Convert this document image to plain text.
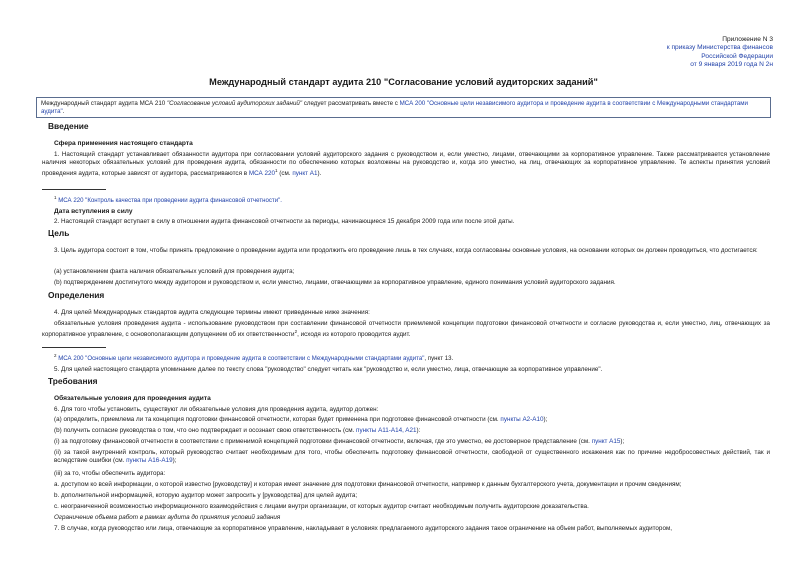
Приложение N 3
к приказу Министерства финансов
Российской Федерации
от 9 января 2019 года N 2н
Международный стандарт аудита 210 "Согласование условий аудиторских заданий"
Международный стандарт аудита МСА 210 "Согласование условий аудиторских заданий" следует рассматривать вместе с МСА 200 "Основные цели независимого аудитора и проведение аудита в соответствии с Международными стандартами аудита".
Введение
Сфера применения настоящего стандарта
1. Настоящий стандарт устанавливает обязанности аудитора при согласовании условий аудиторского задания с руководством и, если уместно, лицами, отвечающими за корпоративное управление. Также рассматривается установление наличия некоторых обязательных условий для проведения аудита, обязанности по обеспечению которых возложены на руководство и, когда это уместно, на лиц, отвечающих за корпоративное управление. Те аспекты принятия условий проведения аудита, которые зависят от аудитора, рассматриваются в МСА $220^1$ (см. пункт A1).
$^1$ МСА 220 "Контроль качества при проведении аудита финансовой отчетности".
Дата вступления в силу
2. Настоящий стандарт вступает в силу в отношении аудита финансовой отчетности за периоды, начинающиеся 15 декабря 2009 года или после этой даты.
Цель
3. Цель аудитора состоит в том, чтобы принять предложение о проведении аудита или продолжить его проведение лишь в тех случаях, когда согласованы основные условия, на основании которых он должен проводиться, что достигается:
(a) установлением факта наличия обязательных условий для проведения аудита;
(b) подтверждением достигнутого между аудитором и руководством и, если уместно, лицами, отвечающими за корпоративное управление, единого понимания условий аудиторского задания.
Определения
4. Для целей Международных стандартов аудита следующие термины имеют приведенные ниже значения:
обязательные условия проведения аудита - использование руководством при составлении финансовой отчетности приемлемой концепции подготовки финансовой отчетности и согласие руководства и, если уместно, лиц, отвечающих за корпоративное управление, с основополагающим допущением об их ответственности$^2$, исходя из которого проводится аудит.
$^2$ МСА 200 "Основные цели независимого аудитора и проведение аудита в соответствии с Международными стандартами аудита", пункт 13.
5. Для целей настоящего стандарта упоминание далее по тексту слова "руководство" следует читать как "руководство и, если уместно, лица, отвечающие за корпоративное управление".
Требования
Обязательные условия для проведения аудита
6. Для того чтобы установить, существуют ли обязательные условия для проведения аудита, аудитор должен:
(a) определить, приемлема ли та концепция подготовки финансовой отчетности, которая будет применена при подготовке финансовой отчетности (см. пункты A2-A10);
(b) получить согласие руководства о том, что оно подтверждает и осознает свою ответственность (см. пункты A11-A14, A21):
(i) за подготовку финансовой отчетности в соответствии с применимой концепцией подготовки финансовой отчетности, включая, где это уместно, ее достоверное представление (см. пункт A15);
(ii) за такой внутренний контроль, который руководство считает необходимым для того, чтобы обеспечить подготовку финансовой отчетности, свободной от существенного искажения как по причине недобросовестных действий, так и вследствие ошибки (см. пункты A16-A19);
(iii) за то, чтобы обеспечить аудитора:
a. доступом ко всей информации, о которой известно [руководству] и которая имеет значение для подготовки финансовой отчетности, например к данным бухгалтерского учета, документации и прочим сведениям;
b. дополнительной информацией, которую аудитор может запросить у [руководства] для целей аудита;
c. неограниченной возможностью информационного взаимодействия с лицами внутри организации, от которых аудитор считает необходимым получить аудиторские доказательства.
Ограничение объема работ в рамках аудита до принятия условий задания
7. В случае, когда руководство или лица, отвечающие за корпоративное управление, накладывает в условиях предлагаемого аудиторского задания такое ограничение на объем работ, выполняемых аудитором,
